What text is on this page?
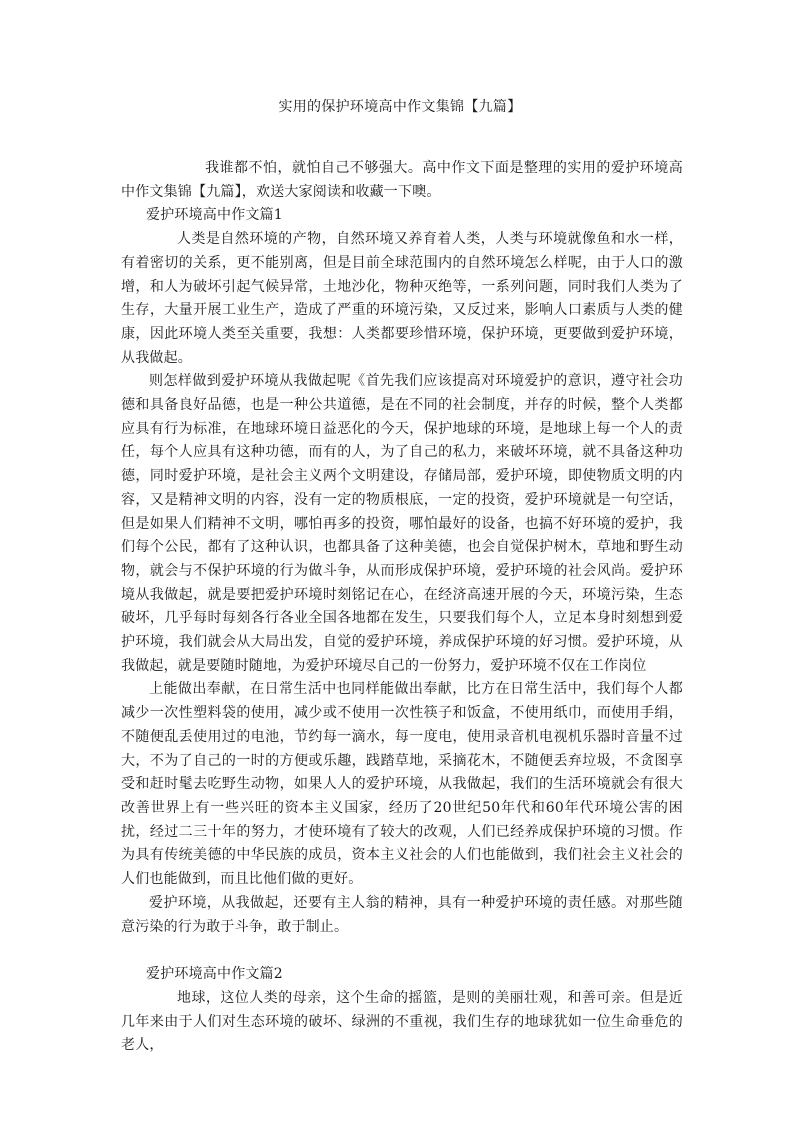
实用的保护环境高中作文集锦【九篇】

我谁都不怕，就怕自己不够强大。高中作文下面是整理的实用的爱护环境高中作文集锦【九篇】，欢送大家阅读和收藏一下噢。

爱护环境高中作文篇1

人类是自然环境的产物，自然环境又养育着人类，人类与环境就像鱼和水一样，有着密切的关系，更不能别离，但是目前全球范围内的自然环境怎么样呢，由于人口的激增，和人为破坏引起气候异常，土地沙化，物种灭绝等，一系列问题，同时我们人类为了生存，大量开展工业生产，造成了严重的环境污染，又反过来，影响人口素质与人类的健康，因此环境人类至关重要，我想：人类都要珍惜环境，保护环境，更要做到爱护环境，从我做起。

则怎样做到爱护环境从我做起呢《首先我们应该提高对环境爱护的意识，遵守社会功德和具备良好品德，也是一种公共道德，是在不同的社会制度，并存的时候，整个人类都应具有行为标准，在地球环境日益恶化的今天，保护地球的环境，是地球上每一个人的责任，每个人应具有这种功德，而有的人，为了自己的私力，来破坏环境，就不具备这种功德，同时爱护环境，是社会主义两个文明建设，存储局部，爱护环境，即使物质文明的内容，又是精神文明的内容，没有一定的物质根底，一定的投资，爱护环境就是一句空话，但是如果人们精神不文明，哪怕再多的投资，哪怕最好的设备，也搞不好环境的爱护，我们每个公民，都有了这种认识，也都具备了这种美德，也会自觉保护树木，草地和野生动物，就会与不保护环境的行为做斗争，从而形成保护环境，爱护环境的社会风尚。爱护环境从我做起，就是要把爱护环境时刻铭记在心，在经济高速开展的今天，环境污染，生态破坏，几乎每时每刻各行各业全国各地都在发生，只要我们每个人，立足本身时刻想到爱护环境，我们就会从大局出发，自觉的爱护环境，养成保护环境的好习惯。爱护环境，从我做起，就是要随时随地，为爱护环境尽自己的一份努力，爱护环境不仅在工作岗位

上能做出奉献，在日常生活中也同样能做出奉献，比方在日常生活中，我们每个人都减少一次性塑料袋的使用，减少或不使用一次性筷子和饭盒，不使用纸巾，而使用手绢，不随便乱丢使用过的电池，节约每一滴水，每一度电，使用录音机电视机乐器时音量不过大，不为了自己的一时的方便或乐趣，践踏草地，采摘花木，不随便丢弃垃圾，不贪图享受和赶时髦去吃野生动物，如果人人的爱护环境，从我做起，我们的生活环境就会有很大改善世界上有一些兴旺的资本主义国家，经历了20世纪50年代和60年代环境公害的困扰，经过二三十年的努力，才使环境有了较大的改观，人们已经养成保护环境的习惯。作为具有传统美德的中华民族的成员，资本主义社会的人们也能做到，我们社会主义社会的人们也能做到，而且比他们做的更好。

爱护环境，从我做起，还要有主人翁的精神，具有一种爱护环境的责任感。对那些随意污染的行为敢于斗争，敢于制止。

爱护环境高中作文篇2

地球，这位人类的母亲，这个生命的摇篮，是则的美丽壮观，和善可亲。但是近几年来由于人们对生态环境的破坏、绿洲的不重视，我们生存的地球犹如一位生命垂危的老人，
